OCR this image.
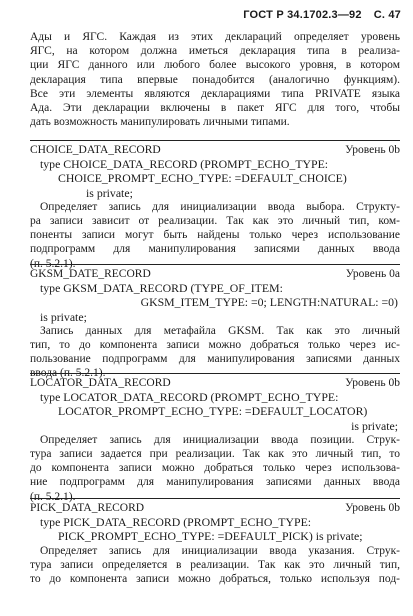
ГОСТ Р 34.1702.3—92 С. 47
Ады и ЯГС. Каждая из этих деклараций определяет уровень
ЯГС, на котором должна иметься декларация типа в реализа-
ции ЯГС данного или любого более высокого уровня, в котором
декларация типа впервые понадобится (аналогично функциям).
Все эти элементы являются декларациями типа PRIVATE языка
Ада. Эти декларации включены в пакет ЯГС для того, чтобы
дать возможность манипулировать личными типами.
CHOICE_DATA_RECORD	Уровень 0b
type CHOICE_DATA_RECORD (PROMPT_ECHO_TYPE:
CHOICE_PROMPT_ECHO_TYPE: =DEFAULT_CHOICE)
is private;
Определяет запись для инициализации ввода выбора. Структу-
ра записи зависит от реализации. Так как это личный тип, ком-
поненты записи могут быть найдены только через использование
подпрограмм для манипулирования записями данных ввода
(п. 5.2.1).
GKSM_DATE_RECORD	Уровень 0a
type GKSM_DATA_RECORD (TYPE_OF_ITEM:
GKSM_ITEM_TYPE: =0; LENGTH:NATURAL: =0)
is private;
Запись данных для метафайла GKSM. Так как это личный
тип, то до компонента записи можно добраться только через ис-
пользование подпрограмм для манипулирования записями данных
ввода (п. 5.2.1).
LOCATOR_DATA_RECORD	Уровень 0b
type LOCATOR_DATA_RECORD (PROMPT_ECHO_TYPE:
LOCATOR_PROMPT_ECHO_TYPE: =DEFAULT_LOCATOR)
is private;
Определяет запись для инициализации ввода позиции. Струк-
тура записи задается при реализации. Так как это личный тип, то
до компонента записи можно добраться только через использова-
ние подпрограмм для манипулирования записями данных ввода
(п. 5.2.1).
PICK_DATA_RECORD	Уровень 0b
type PICK_DATA_RECORD (PROMPT_ECHO_TYPE:
PICK_PROMPT_ECHO_TYPE: =DEFAULT_PICK) is private;
Определяет запись для инициализации ввода указания. Струк-
тура записи определяется в реализации. Так как это личный тип,
то до компонента записи можно добраться, только используя под-
